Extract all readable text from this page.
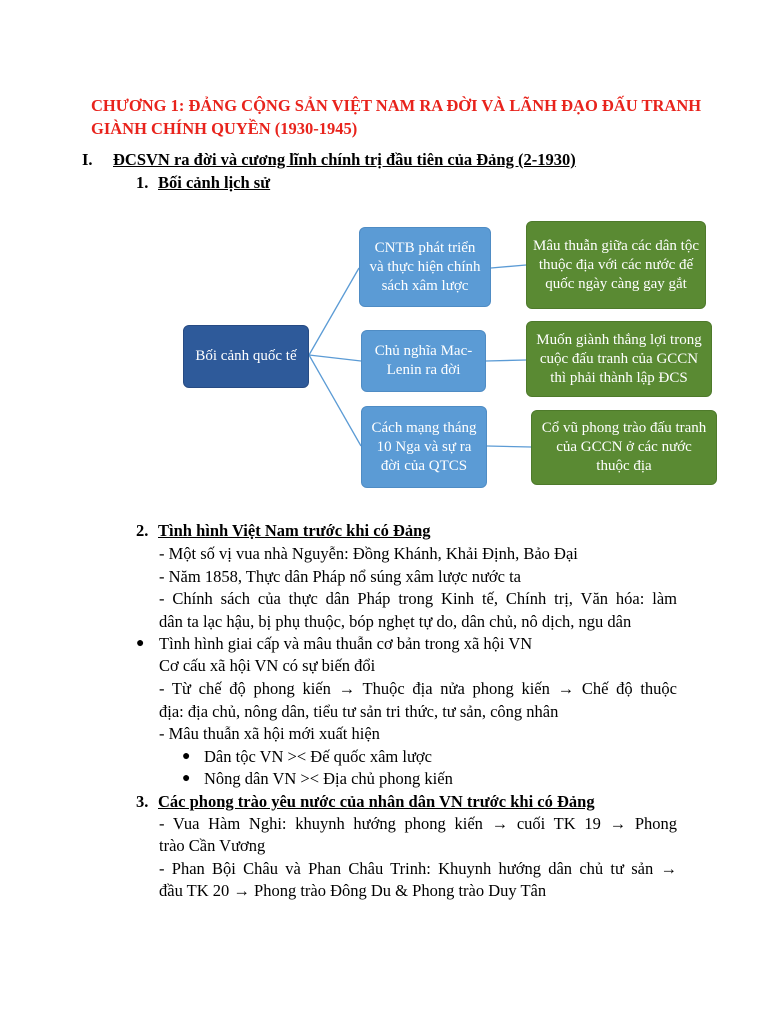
CHƯƠNG 1: ĐẢNG CỘNG SẢN VIỆT NAM RA ĐỜI VÀ LÃNH ĐẠO ĐẤU TRANH GIÀNH CHÍNH QUYỀN (1930-1945)
I. ĐCSVN ra đời và cương lĩnh chính trị đầu tiên của Đảng (2-1930)
1. Bối cảnh lịch sử
Bối cảnh quốc tế
CNTB phát triển và thực hiện chính sách xâm lược
Chủ nghĩa Mac-Lenin ra đời
Cách mạng tháng 10 Nga và sự ra đời của QTCS
Mâu thuẫn giữa các dân tộc thuộc địa với các nước đế quốc ngày càng gay gắt
Muốn giành thắng lợi trong cuộc đấu tranh của GCCN thì phải thành lập ĐCS
Cổ vũ phong trào đấu tranh của GCCN ở các nước thuộc địa
2. Tình hình Việt Nam trước khi có Đảng
- Một số vị vua nhà Nguyễn: Đồng Khánh, Khải Định, Bảo Đại
- Năm 1858, Thực dân Pháp nổ súng xâm lược nước ta
- Chính sách của thực dân Pháp trong Kinh tế, Chính trị, Văn hóa: làm
dân ta lạc hậu, bị phụ thuộc, bóp nghẹt tự do, dân chủ, nô dịch, ngu dân
● Tình hình giai cấp và mâu thuẫn cơ bản trong xã hội VN
Cơ cấu xã hội VN có sự biến đổi
- Từ chế độ phong kiến → Thuộc địa nửa phong kiến → Chế độ thuộc
địa: địa chủ, nông dân, tiểu tư sản tri thức, tư sản, công nhân
- Mâu thuẫn xã hội mới xuất hiện
● Dân tộc VN >< Đế quốc xâm lược
● Nông dân VN >< Địa chủ phong kiến
3. Các phong trào yêu nước của nhân dân VN trước khi có Đảng
- Vua Hàm Nghi: khuynh hướng phong kiến → cuối TK 19 → Phong
trào Cần Vương
- Phan Bội Châu và Phan Châu Trinh: Khuynh hướng dân chủ tư sản →
đầu TK 20 → Phong trào Đông Du & Phong trào Duy Tân
